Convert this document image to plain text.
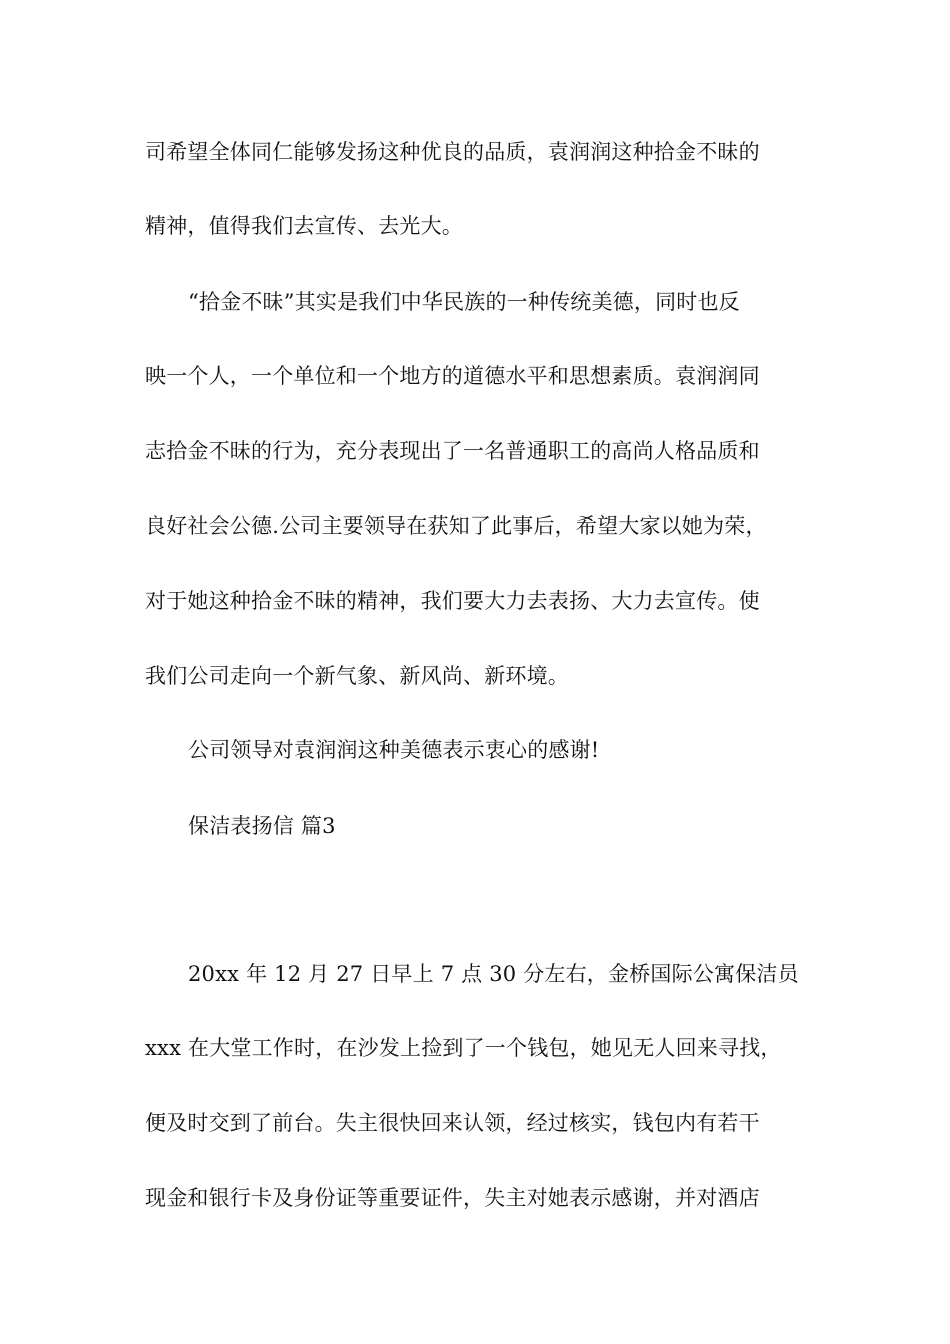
司希望全体同仁能够发扬这种优良的品质，袁润润这种拾金不昧的
精神，值得我们去宣传、去光大。
“拾金不昧”其实是我们中华民族的一种传统美德，同时也反
映一个人，一个单位和一个地方的道德水平和思想素质。袁润润同
志拾金不昧的行为，充分表现出了一名普通职工的高尚人格品质和
良好社会公德.公司主要领导在获知了此事后，希望大家以她为荣，
对于她这种拾金不昧的精神，我们要大力去表扬、大力去宣传。使
我们公司走向一个新气象、新风尚、新环境。
公司领导对袁润润这种美德表示衷心的感谢!
保洁表扬信 篇3
20xx 年 12 月 27 日早上 7 点 30 分左右，金桥国际公寓保洁员
xxx 在大堂工作时，在沙发上捡到了一个钱包，她见无人回来寻找，
便及时交到了前台。失主很快回来认领，经过核实，钱包内有若干
现金和银行卡及身份证等重要证件，失主对她表示感谢，并对酒店
